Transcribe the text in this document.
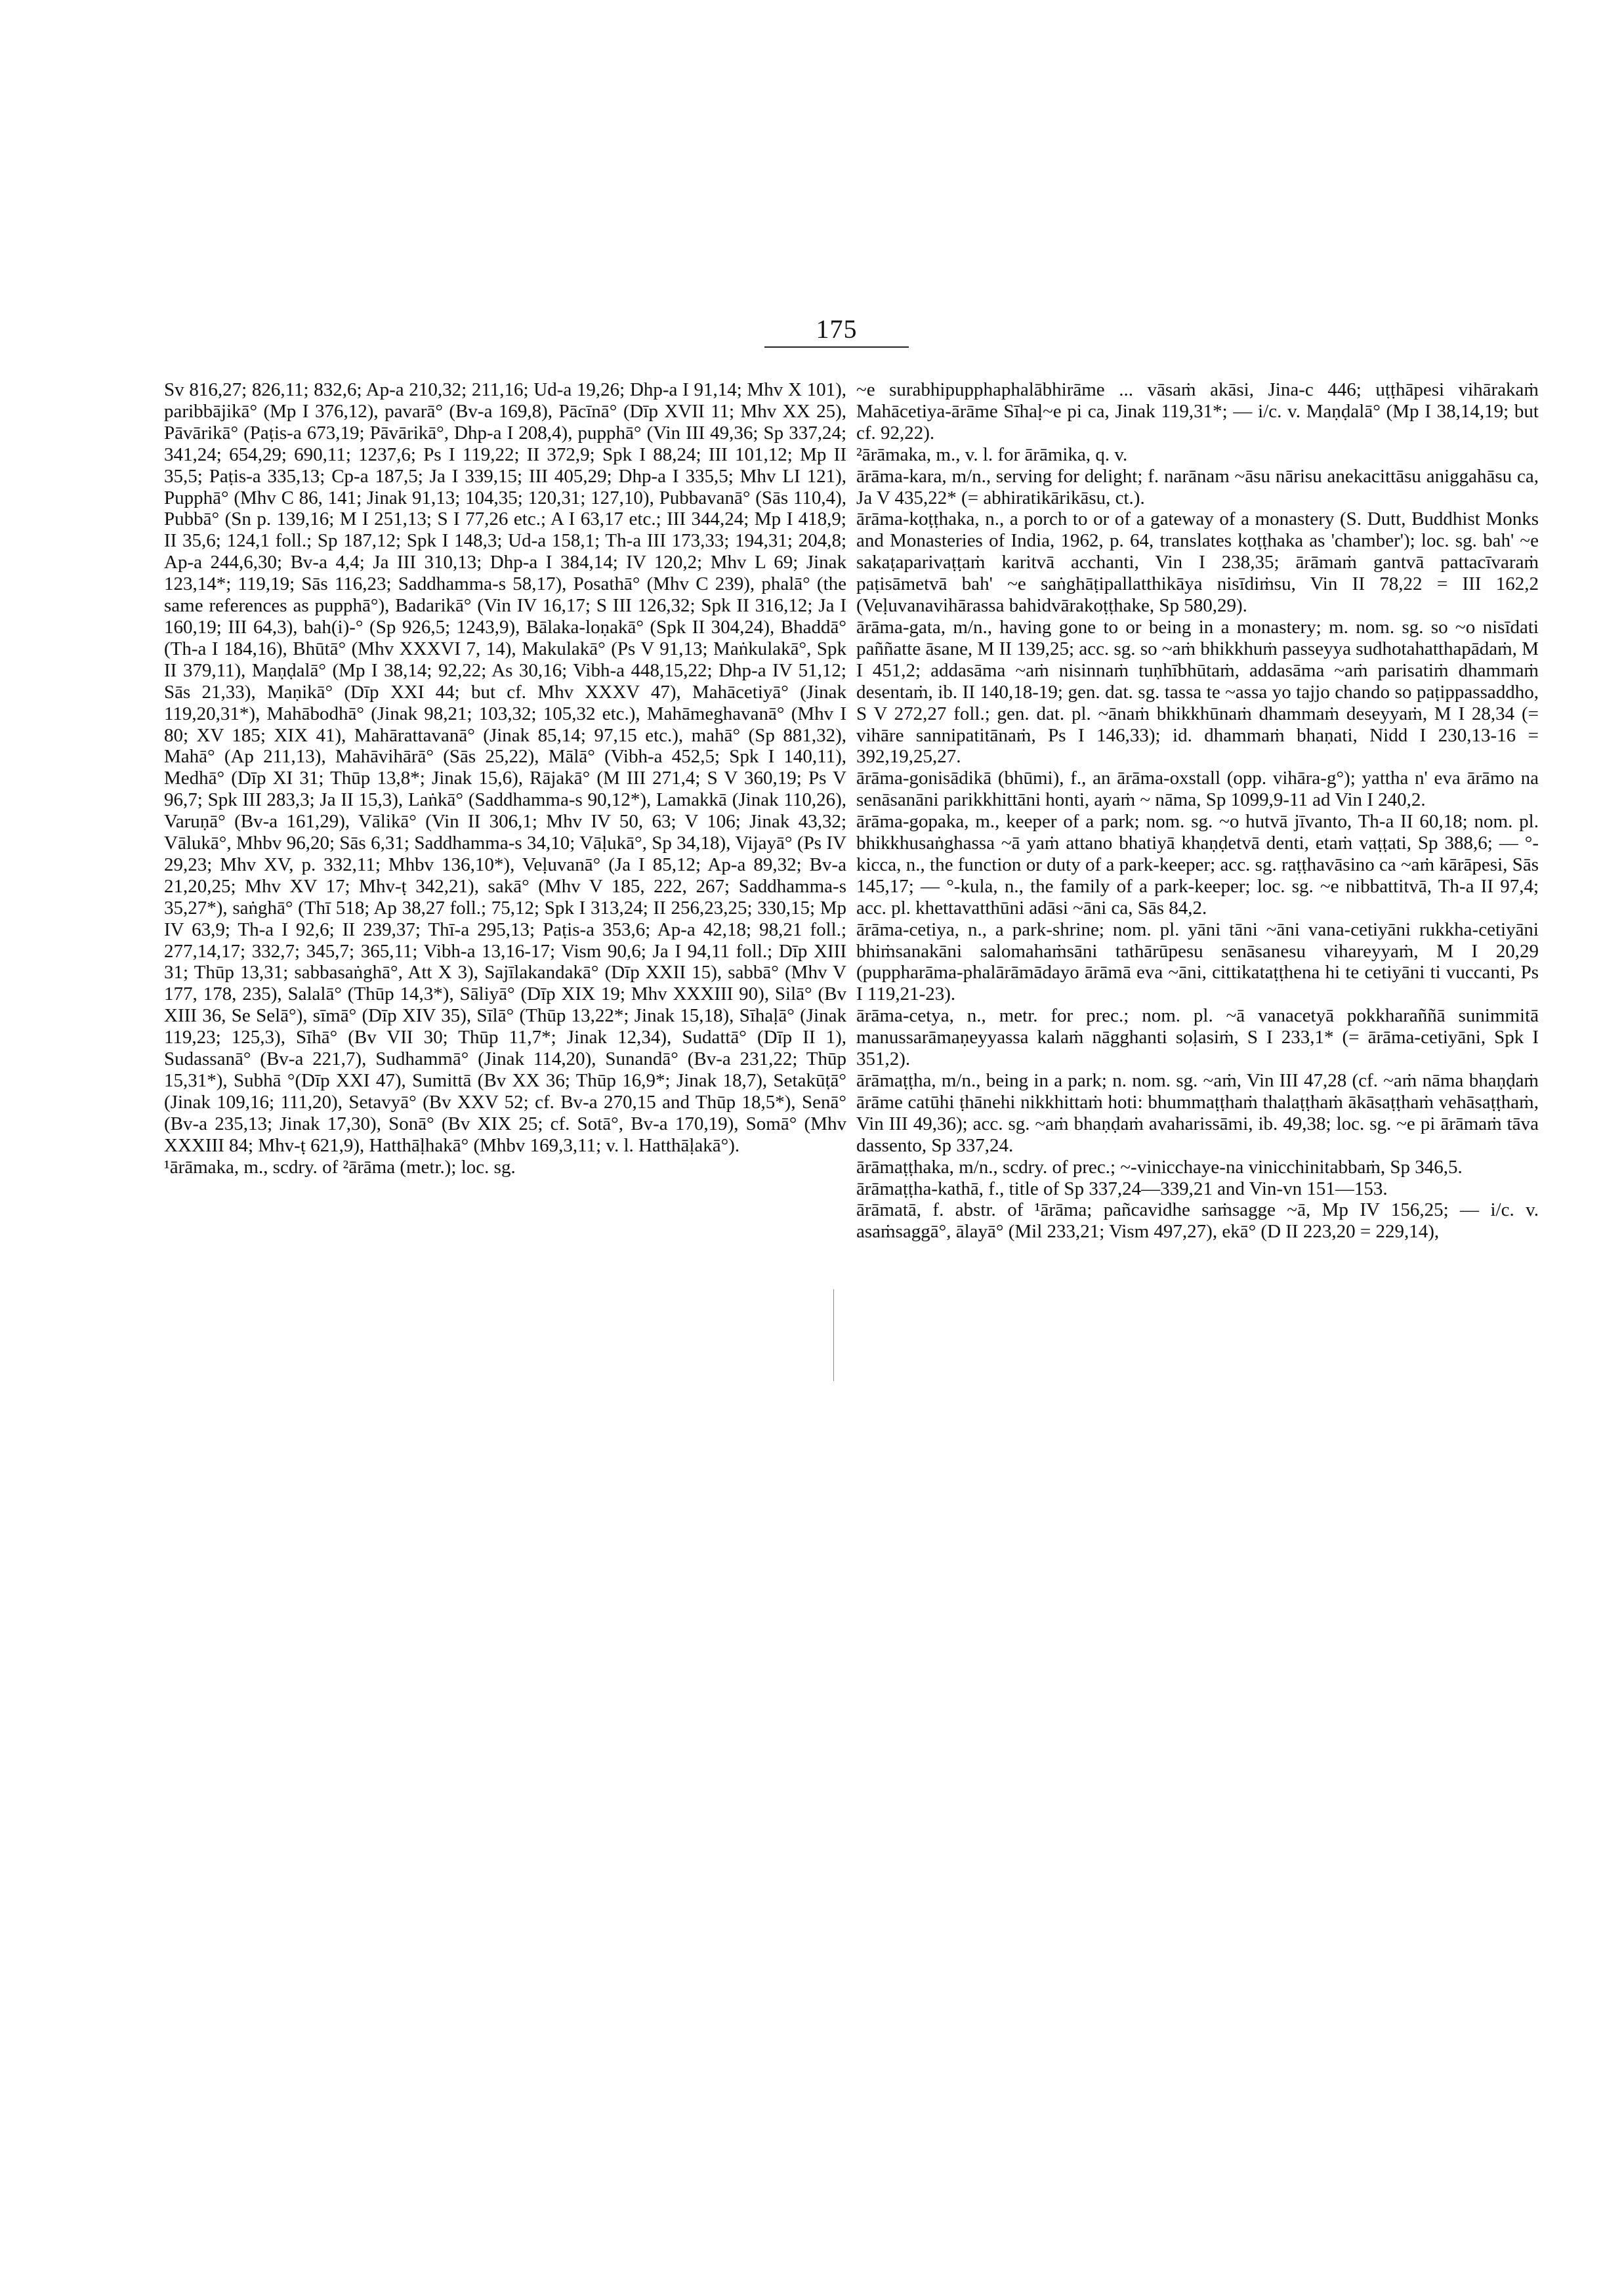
175

Sv 816,27; 826,11; 832,6; Ap-a 210,32; 211,16; Ud-a 19,26; Dhp-a I 91,14; Mhv X 101), paribbājikā° (Mp I 376,12), pavarā° (Bv-a 169,8), Pācīnā° (Dīp XVII 11; Mhv XX 25), Pāvārikā° (Paṭis-a 673,19; Pāvārikā°, Dhp-a I 208,4), pupphā° (Vin III 49,36; Sp 337,24; 341,24; 654,29; 690,11; 1237,6; Ps I 119,22; II 372,9; Spk I 88,24; III 101,12; Mp II 35,5; Paṭis-a 335,13; Cp-a 187,5; Ja I 339,15; III 405,29; Dhp-a I 335,5; Mhv LI 121), Pupphā° (Mhv C 86, 141; Jinak 91,13; 104,35; 120,31; 127,10), Pubbavanā° (Sās 110,4), Pubbā° (Sn p. 139,16; M I 251,13; S I 77,26 etc.; A I 63,17 etc.; III 344,24; Mp I 418,9; II 35,6; 124,1 foll.; Sp 187,12; Spk I 148,3; Ud-a 158,1; Th-a III 173,33; 194,31; 204,8; Ap-a 244,6,30; Bv-a 4,4; Ja III 310,13; Dhp-a I 384,14; IV 120,2; Mhv L 69; Jinak 123,14*; 119,19; Sās 116,23; Saddhamma-s 58,17), Posathā° (Mhv C 239), phalā° (the same references as pupphā°), Badarikā° (Vin IV 16,17; S III 126,32; Spk II 316,12; Ja I 160,19; III 64,3), bah(i)-° (Sp 926,5; 1243,9), Bālaka-loṇakā° (Spk II 304,24), Bhaddā° (Th-a I 184,16), Bhūtā° (Mhv XXXVI 7, 14), Makulakā° (Ps V 91,13; Maṅkulakā°, Spk II 379,11), Maṇḍalā° (Mp I 38,14; 92,22; As 30,16; Vibh-a 448,15,22; Dhp-a IV 51,12; Sās 21,33), Maṇikā° (Dīp XXI 44; but cf. Mhv XXXV 47), Mahācetiyā° (Jinak 119,20,31*), Mahābodhā° (Jinak 98,21; 103,32; 105,32 etc.), Mahāmeghavanā° (Mhv I 80; XV 185; XIX 41), Mahārattavanā° (Jinak 85,14; 97,15 etc.), mahā° (Sp 881,32), Mahā° (Ap 211,13), Mahāvihārā° (Sās 25,22), Mālā° (Vibh-a 452,5; Spk I 140,11), Medhā° (Dīp XI 31; Thūp 13,8*; Jinak 15,6), Rājakā° (M III 271,4; S V 360,19; Ps V 96,7; Spk III 283,3; Ja II 15,3), Laṅkā° (Saddhamma-s 90,12*), Lamakkā (Jinak 110,26), Varuṇā° (Bv-a 161,29), Vālikā° (Vin II 306,1; Mhv IV 50, 63; V 106; Jinak 43,32; Vālukā°, Mhbv 96,20; Sās 6,31; Saddhamma-s 34,10; Vāḷukā°, Sp 34,18), Vijayā° (Ps IV 29,23; Mhv XV, p. 332,11; Mhbv 136,10*), Veḷuvanā° (Ja I 85,12; Ap-a 89,32; Bv-a 21,20,25; Mhv XV 17; Mhv-ṭ 342,21), sakā° (Mhv V 185, 222, 267; Saddhamma-s 35,27*), saṅghā° (Thī 518; Ap 38,27 foll.; 75,12; Spk I 313,24; II 256,23,25; 330,15; Mp IV 63,9; Th-a I 92,6; II 239,37; Thī-a 295,13; Paṭis-a 353,6; Ap-a 42,18; 98,21 foll.; 277,14,17; 332,7; 345,7; 365,11; Vibh-a 13,16-17; Vism 90,6; Ja I 94,11 foll.; Dīp XIII 31; Thūp 13,31; sabbasaṅghā°, Att X 3), Sajīlakandakā° (Dīp XXII 15), sabbā° (Mhv V 177, 178, 235), Salalā° (Thūp 14,3*), Sāliyā° (Dīp XIX 19; Mhv XXXIII 90), Silā° (Bv XIII 36, Se Selā°), sīmā° (Dīp XIV 35), Sīlā° (Thūp 13,22*; Jinak 15,18), Sīhaḷā° (Jinak 119,23; 125,3), Sīhā° (Bv VII 30; Thūp 11,7*; Jinak 12,34), Sudattā° (Dīp II 1), Sudassanā° (Bv-a 221,7), Sudhammā° (Jinak 114,20), Sunandā° (Bv-a 231,22; Thūp 15,31*), Subhā °(Dīp XXI 47), Sumittā (Bv XX 36; Thūp 16,9*; Jinak 18,7), Setakūṭā° (Jinak 109,16; 111,20), Setavyā° (Bv XXV 52; cf. Bv-a 270,15 and Thūp 18,5*), Senā° (Bv-a 235,13; Jinak 17,30), Sonā° (Bv XIX 25; cf. Sotā°, Bv-a 170,19), Somā° (Mhv XXXIII 84; Mhv-ṭ 621,9), Hatthāḷhakā° (Mhbv 169,3,11; v. l. Hatthāḷakā°).

¹ārāmaka, m., scdry. of ²ārāma (metr.); loc. sg.

~e surabhipupphaphalābhirāme ... vāsaṁ akāsi, Jina-c 446; uṭṭhāpesi vihārakaṁ Mahācetiya-ārāme Sīhaḷ~e pi ca, Jinak 119,31*; — i/c. v. Maṇḍalā° (Mp I 38,14,19; but cf. 92,22).

²ārāmaka, m., v. l. for ārāmika, q. v.

ārāma-kara, m/n., serving for delight; f. narānam ~āsu nārisu anekacittāsu aniggahāsu ca, Ja V 435,22* (= abhiratikārikāsu, ct.).

ārāma-koṭṭhaka, n., a porch to or of a gateway of a monastery (S. Dutt, Buddhist Monks and Monasteries of India, 1962, p. 64, translates koṭṭhaka as 'chamber'); loc. sg. bah' ~e sakaṭaparivaṭṭaṁ karitvā acchanti, Vin I 238,35; ārāmaṁ gantvā pattacīvaraṁ paṭisāmetvā bah' ~e saṅghāṭipallatthikāya nisīdiṁsu, Vin II 78,22 = III 162,2 (Veḷuvanavihārassa bahidvārakoṭṭhake, Sp 580,29).

ārāma-gata, m/n., having gone to or being in a monastery; m. nom. sg. so ~o nisīdati paññatte āsane, M II 139,25; acc. sg. so ~aṁ bhikkhuṁ passeyya sudhotahatthapādaṁ, M I 451,2; addasāma ~aṁ nisinnaṁ tuṇhībhūtaṁ, addasāma ~aṁ parisatiṁ dhammaṁ desentaṁ, ib. II 140,18-19; gen. dat. sg. tassa te ~assa yo tajjo chando so paṭippassaddho, S V 272,27 foll.; gen. dat. pl. ~ānaṁ bhikkhūnaṁ dhammaṁ deseyyaṁ, M I 28,34 (= vihāre sannipatitānaṁ, Ps I 146,33); id. dhammaṁ bhaṇati, Nidd I 230,13-16 = 392,19,25,27.

ārāma-gonisādikā (bhūmi), f., an ārāma-oxstall (opp. vihāra-g°); yattha n' eva ārāmo na senāsanāni parikkhittāni honti, ayaṁ ~ nāma, Sp 1099,9-11 ad Vin I 240,2.

ārāma-gopaka, m., keeper of a park; nom. sg. ~o hutvā jīvanto, Th-a II 60,18; nom. pl. bhikkhusaṅghassa ~ā yaṁ attano bhatiyā khaṇḍetvā denti, etaṁ vaṭṭati, Sp 388,6; — °-kicca, n., the function or duty of a park-keeper; acc. sg. raṭṭhavāsino ca ~aṁ kārāpesi, Sās 145,17; — °-kula, n., the family of a park-keeper; loc. sg. ~e nibbattitvā, Th-a II 97,4; acc. pl. khettavatthūni adāsi ~āni ca, Sās 84,2.

ārāma-cetiya, n., a park-shrine; nom. pl. yāni tāni ~āni vana-cetiyāni rukkha-cetiyāni bhiṁsanakāni salomahaṁsāni tathārūpesu senāsanesu vihareyyaṁ, M I 20,29 (puppharāma-phalārāmādayo ārāmā eva ~āni, cittikataṭṭhena hi te cetiyāni ti vuccanti, Ps I 119,21-23).

ārāma-cetya, n., metr. for prec.; nom. pl. ~ā vanacetyā pokkharaññā sunimmitā manussarāmaṇeyyassa kalaṁ nāgghanti soḷasiṁ, S I 233,1* (= ārāma-cetiyāni, Spk I 351,2).

ārāmaṭṭha, m/n., being in a park; n. nom. sg. ~aṁ, Vin III 47,28 (cf. ~aṁ nāma bhaṇḍaṁ ārāme catūhi ṭhānehi nikkhittaṁ hoti: bhummaṭṭhaṁ thalaṭṭhaṁ ākāsaṭṭhaṁ vehāsaṭṭhaṁ, Vin III 49,36); acc. sg. ~aṁ bhaṇḍaṁ avaharissāmi, ib. 49,38; loc. sg. ~e pi ārāmaṁ tāva dassento, Sp 337,24.

ārāmaṭṭhaka, m/n., scdry. of prec.; ~-vinicchaye-na vinicchinitabbaṁ, Sp 346,5.

ārāmaṭṭha-kathā, f., title of Sp 337,24—339,21 and Vin-vn 151—153.

ārāmatā, f. abstr. of ¹ārāma; pañcavidhe saṁsagge ~ā, Mp IV 156,25; — i/c. v. asaṁsaggā°, ālayā° (Mil 233,21; Vism 497,27), ekā° (D II 223,20 = 229,14),
